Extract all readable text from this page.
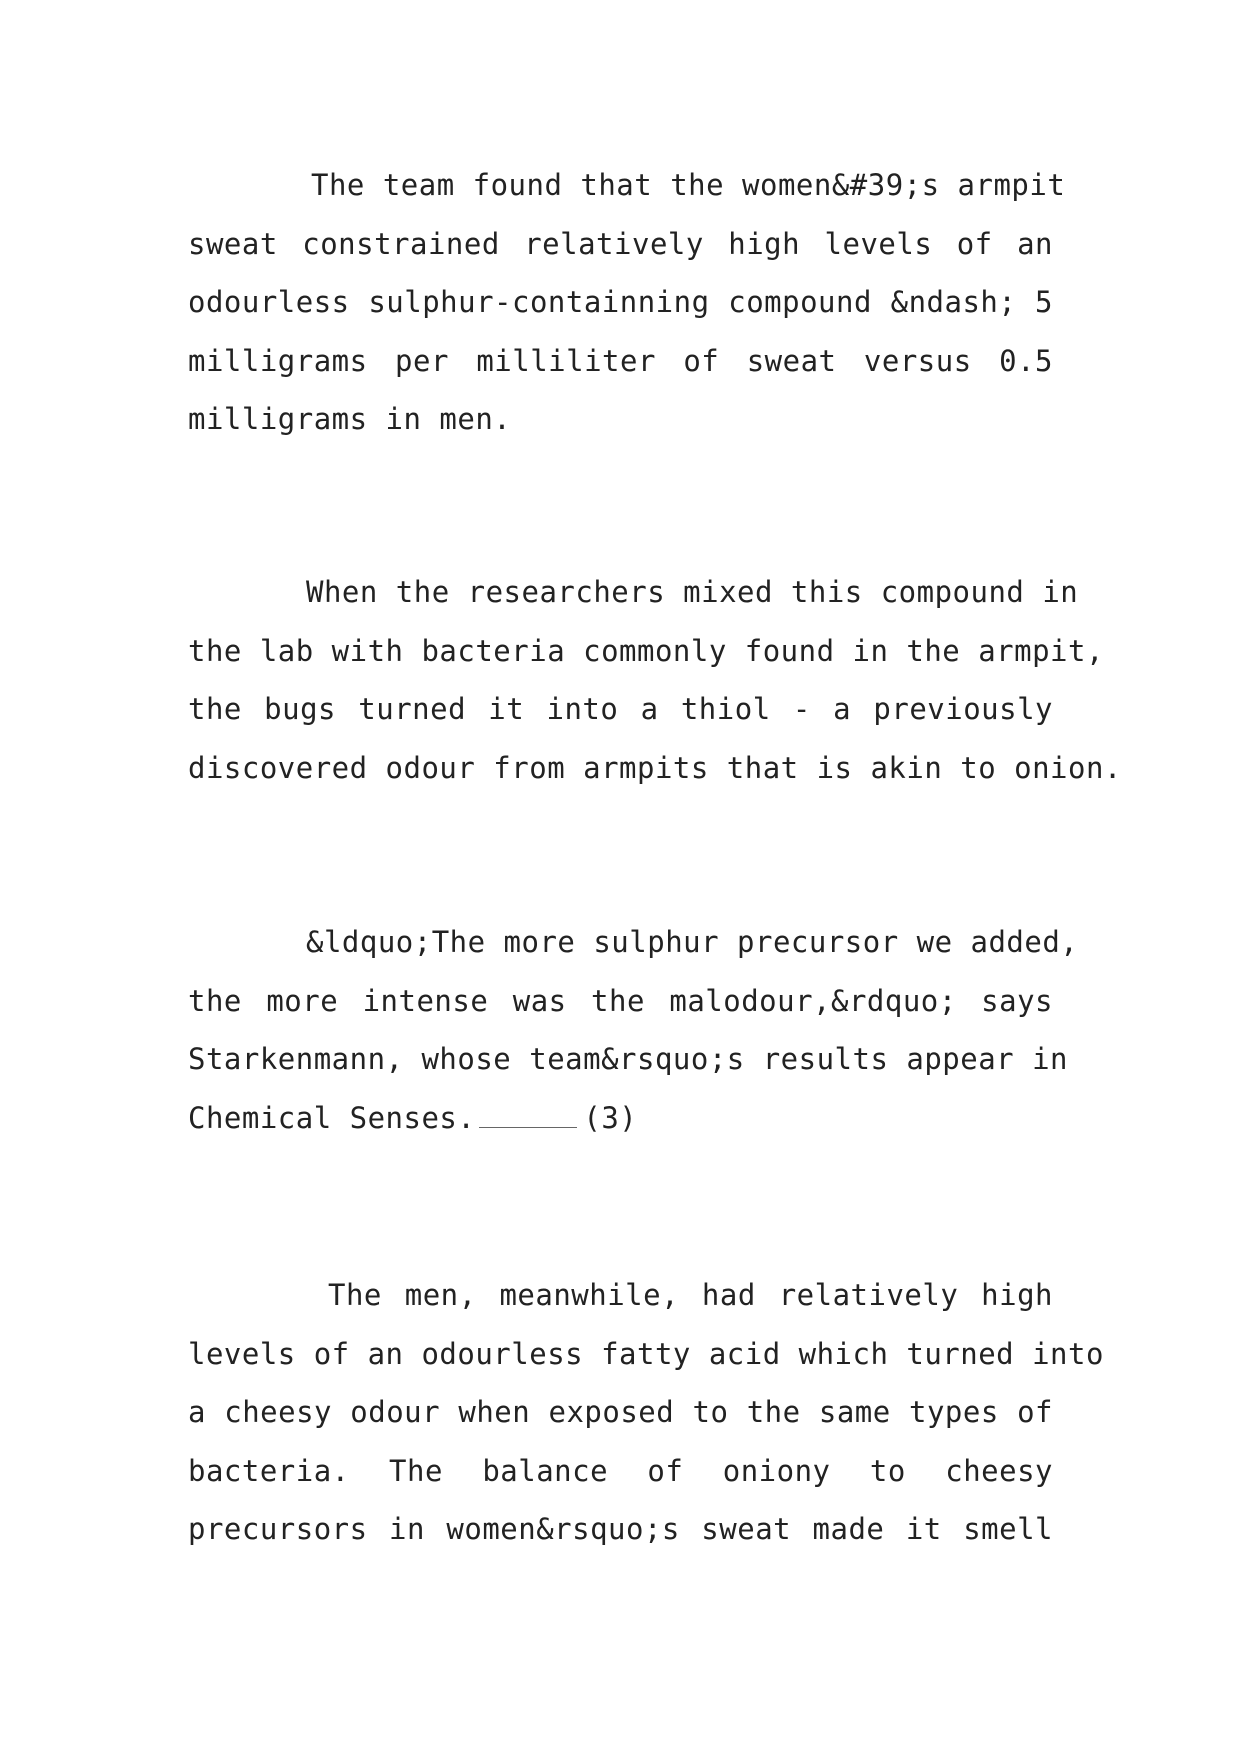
The team found that the women&#39;s armpit
sweat constrained relatively high levels of an
odourless sulphur-containning compound &ndash; 5
milligrams per milliliter of sweat versus 0.5
milligrams in men.
When the researchers mixed this compound in
the lab with bacteria commonly found in the armpit,
the bugs turned it into a thiol - a previously
discovered odour from armpits that is akin to onion.
&ldquo;The more sulphur precursor we added,
the more intense was the malodour,&rdquo; says
Starkenmann, whose team&rsquo;s results appear in
Chemical Senses.	(3)
The men, meanwhile, had relatively high
levels of an odourless fatty acid which turned into
a cheesy odour when exposed to the same types of
bacteria. The balance of oniony to cheesy
precursors in women&rsquo;s sweat made it smell
